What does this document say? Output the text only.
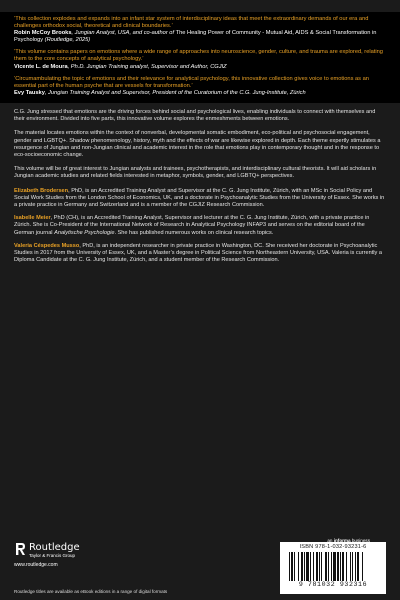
‘This collection explodes and expands into an infant star system of interdisciplinary ideas that meet the extraordinary demands of our era and challenges orthodox social, theoretical and clinical boundaries.’
Robin McCoy Brooks, Jungian Analyst, USA, and co-author of The Healing Power of Community - Mutual Aid, AIDS & Social Transformation in Psychology (Routledge, 2025)
‘This volume contains papers on emotions where a wide range of approaches into neuroscience, gender, culture, and trauma are explored, relating them to the core concepts of analytical psychology.’
Vicente L. de Moura, Ph.D. Jungian Training analyst, Supervisor and Author, CGJIZ
‘Circumambulating the topic of emotions and their relevance for analytical psychology, this innovative collection gives voice to emotions as an essential part of the human psyche that are vessels for transformation.’
Evy Tausky, Jungian Training Analyst and Supervisor, President of the Curatorium of the C.G. Jung-Institute, Zürich

C.G. Jung stressed that emotions are the driving forces behind social and psychological lives, enabling individuals to connect with themselves and their environment. Divided into five parts, this innovative volume explores the enmeshments between emotions.

The material locates emotions within the context of nonverbal, developmental somatic embodiment, eco-political and psychosocial engagement, gender and LGBTQ+. Shadow phenomenology, history, myth and the effects of war are likewise explored in depth. Each theme expertly stimulates a resurgence of Jungian and non-Jungian clinical and academic interest in the role that emotions play in contemporary thought and in the response to eco-socioeconomic change.

This volume will be of great interest to Jungian analysts and trainees, psychotherapists, and interdisciplinary cultural theorists. It will aid scholars in Jungian academic studies and related fields interested in metaphor, symbols, gender, and LGBTQ+ perspectives.

Elizabeth Brodersen, PhD, is an Accredited Training Analyst and Supervisor at the C. G. Jung Institute, Zürich, with an MSc in Social Policy and Social Work Studies from the London School of Economics, UK, and a doctorate in Psychoanalytic Studies from the University of Essex. She works in a private practice in Germany and Switzerland and is a member of the CGJIZ Research Commission.

Isabelle Meier, PhD (CH), is an Accredited Training Analyst, Supervisor and lecturer at the C. G. Jung Institute, Zürich, with a private practice in Zürich. She is Co-President of the International Network of Research in Analytical Psychology INFAP3 and serves on the editorial board of the German journal Analytische Psychologie. She has published numerous works on clinical research topics.

Valeria Céspedes Musso, PhD, is an independent researcher in private practice in Washington, DC. She received her doctorate in Psychoanalytic Studies in 2017 from the University of Essex, UK, and a Master’s degree in Political Science from Northeastern University, USA. Valeria is currently a Diploma Candidate at the C. G. Jung Institute, Zürich, and a student member of the Research Commission.

Routledge
Taylor & Francis Group
www.routledge.com
Routledge titles are available as eBook editions in a range of digital formats
an informa business
ISBN 978-1-032-93231-6
9 781032 932316
